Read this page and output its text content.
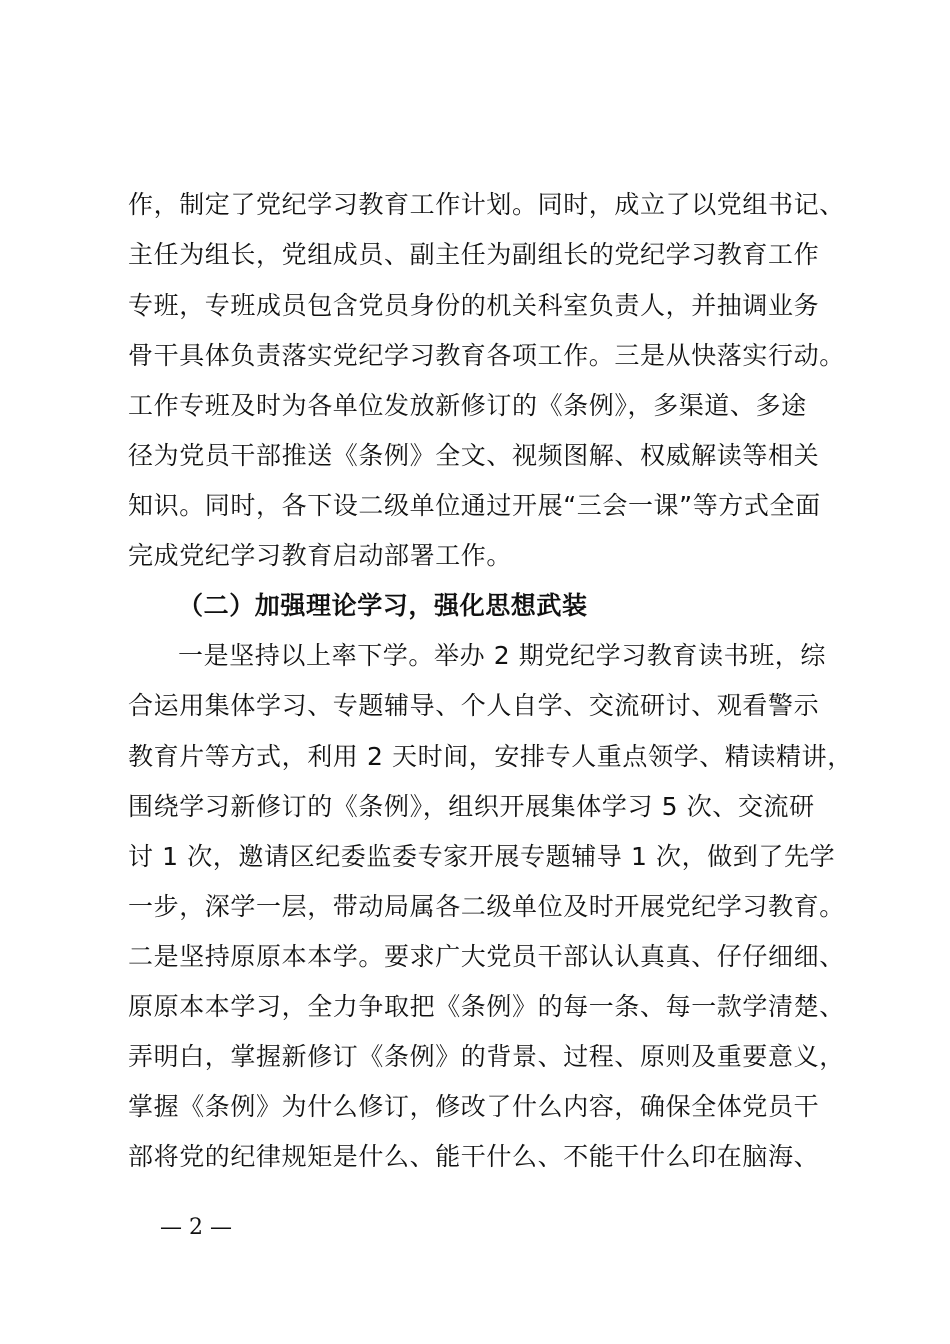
作，制定了党纪学习教育工作计划。同时，成立了以党组书记、
主任为组长，党组成员、副主任为副组长的党纪学习教育工作
专班，专班成员包含党员身份的机关科室负责人，并抽调业务
骨干具体负责落实党纪学习教育各项工作。三是从快落实行动。
工作专班及时为各单位发放新修订的《条例》，多渠道、多途
径为党员干部推送《条例》全文、视频图解、权威解读等相关
知识。同时，各下设二级单位通过开展“三会一课”等方式全面
完成党纪学习教育启动部署工作。
（二）加强理论学习，强化思想武装
一是坚持以上率下学。举办 2 期党纪学习教育读书班，综
合运用集体学习、专题辅导、个人自学、交流研讨、观看警示
教育片等方式，利用 2 天时间，安排专人重点领学、精读精讲，
围绕学习新修订的《条例》，组织开展集体学习 5 次、交流研
讨 1 次，邀请区纪委监委专家开展专题辅导 1 次，做到了先学
一步，深学一层，带动局属各二级单位及时开展党纪学习教育。
二是坚持原原本本学。要求广大党员干部认认真真、仔仔细细、
原原本本学习，全力争取把《条例》的每一条、每一款学清楚、
弄明白，掌握新修订《条例》的背景、过程、原则及重要意义，
掌握《条例》为什么修订，修改了什么内容，确保全体党员干
部将党的纪律规矩是什么、能干什么、不能干什么印在脑海、
— 2 —
